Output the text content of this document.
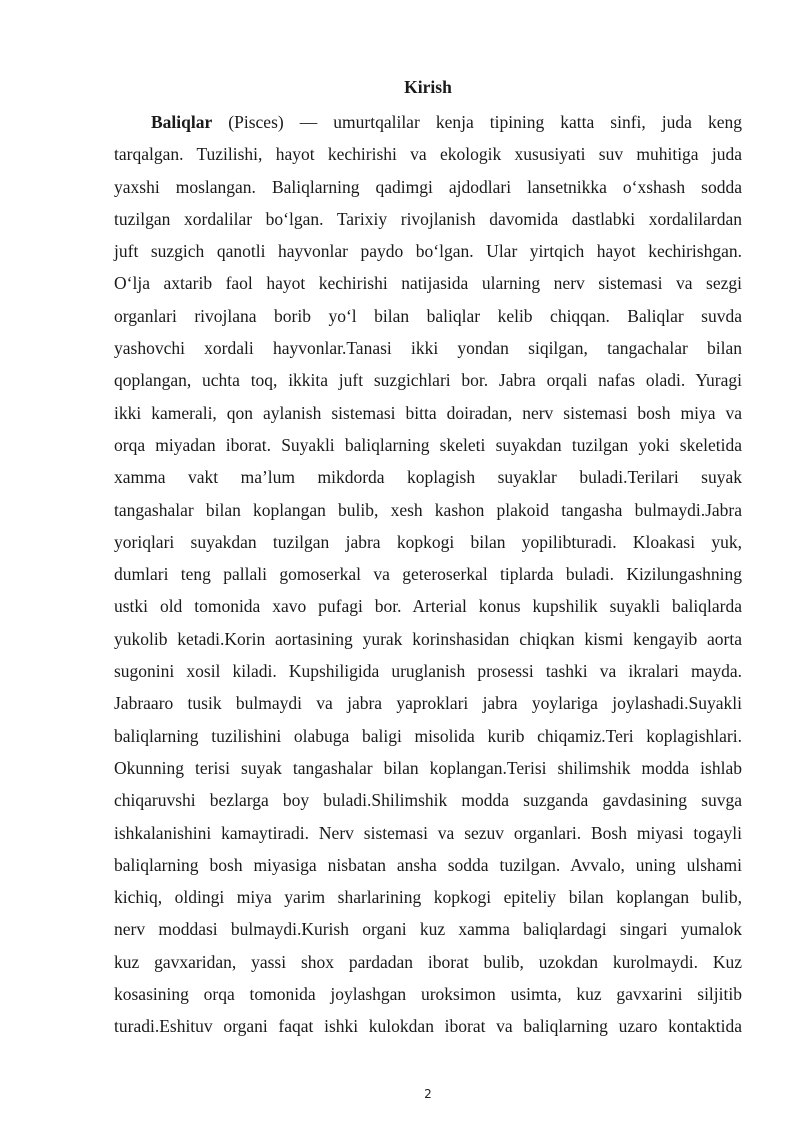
Kirish
Baliqlar (Pisces) — umurtqalilar kenja tipining katta sinfi, juda keng
tarqalgan. Tuzilishi, hayot kechirishi va ekologik xususiyati suv muhitiga juda
yaxshi moslangan. Baliqlarning qadimgi ajdodlari lansetnikka o‘xshash sodda
tuzilgan xordalilar bo‘lgan. Tarixiy rivojlanish davomida dastlabki xordalilardan
juft suzgich qanotli hayvonlar paydo bo‘lgan. Ular yirtqich hayot kechirishgan.
O‘lja axtarib faol hayot kechirishi natijasida ularning nerv sistemasi va sezgi
organlari rivojlana borib yo‘l bilan baliqlar kelib chiqqan. Baliqlar suvda
yashovchi xordali hayvonlar.Tanasi ikki yondan siqilgan, tangachalar bilan
qoplangan, uchta toq, ikkita juft suzgichlari bor. Jabra orqali nafas oladi. Yuragi
ikki kamerali, qon aylanish sistemasi bitta doiradan, nerv sistemasi bosh miya va
orqa miyadan iborat. Suyakli baliqlarning skeleti suyakdan tuzilgan yoki skeletida
xamma vakt ma’lum mikdorda koplagish suyaklar buladi.Terilari suyak
tangashalar bilan koplangan bulib, xesh kashon plakoid tangasha bulmaydi.Jabra
yoriqlari suyakdan tuzilgan jabra kopkogi bilan yopilibturadi. Kloakasi yuk,
dumlari teng pallali gomoserkal va geteroserkal tiplarda buladi. Kizilungashning
ustki old tomonida xavo pufagi bor. Arterial konus kupshilik suyakli baliqlarda
yukolib ketadi.Korin aortasining yurak korinshasidan chiqkan kismi kengayib aorta
sugonini xosil kiladi. Kupshiligida uruglanish prosessi tashki va ikralari mayda.
Jabraaro tusik bulmaydi va jabra yaproklari jabra yoylariga joylashadi.Suyakli
baliqlarning tuzilishini olabuga baligi misolida kurib chiqamiz.Teri koplagishlari.
Okunning terisi suyak tangashalar bilan koplangan.Terisi shilimshik modda ishlab
chiqaruvshi bezlarga boy buladi.Shilimshik modda suzganda gavdasining suvga
ishkalanishini kamaytiradi. Nerv sistemasi va sezuv organlari. Bosh miyasi togayli
baliqlarning bosh miyasiga nisbatan ansha sodda tuzilgan. Avvalo, uning ulshami
kichiq, oldingi miya yarim sharlarining kopkogi epiteliy bilan koplangan bulib,
nerv moddasi bulmaydi.Kurish organi kuz xamma baliqlardagi singari yumalok
kuz gavxaridan, yassi shox pardadan iborat bulib, uzokdan kurolmaydi. Kuz
kosasining orqa tomonida joylashgan uroksimon usimta, kuz gavxarini siljitib
turadi.Eshituv organi faqat ishki kulokdan iborat va baliqlarning uzaro kontaktida
2
